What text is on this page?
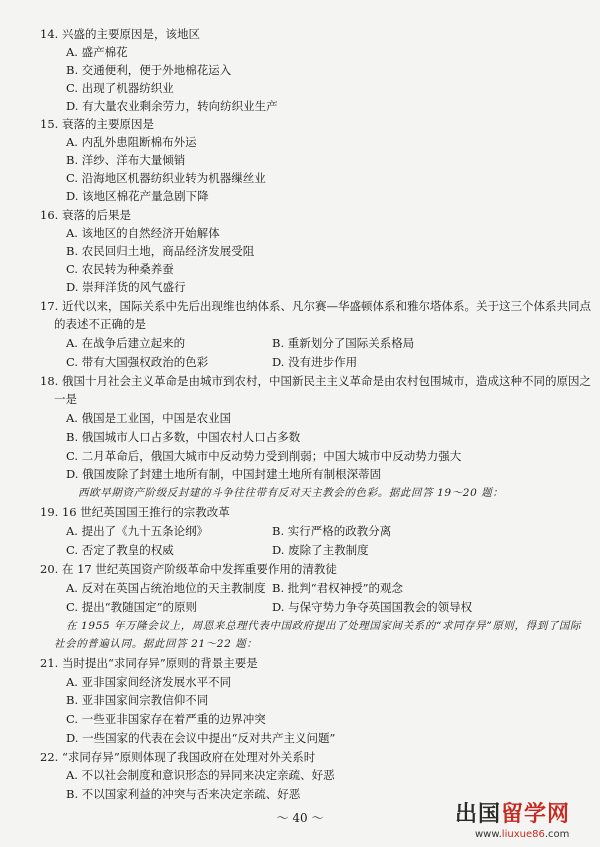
14. 兴盛的主要原因是，该地区
A. 盛产棉花
B. 交通便利，便于外地棉花运入
C. 出现了机器纺织业
D. 有大量农业剩余劳力，转向纺织业生产
15. 衰落的主要原因是
A. 内乱外患阻断棉布外运
B. 洋纱、洋布大量倾销
C. 沿海地区机器纺织业转为机器缫丝业
D. 该地区棉花产量急剧下降
16. 衰落的后果是
A. 该地区的自然经济开始解体
B. 农民回归土地，商品经济发展受阻
C. 农民转为种桑养蚕
D. 崇拜洋货的风气盛行
17. 近代以来，国际关系中先后出现维也纳体系、凡尔赛—华盛顿体系和雅尔塔体系。关于这三个体系共同点
的表述不正确的是
A. 在战争后建立起来的	B. 重新划分了国际关系格局
C. 带有大国强权政治的色彩	D. 没有进步作用
18. 俄国十月社会主义革命是由城市到农村，中国新民主主义革命是由农村包围城市，造成这种不同的原因之
一是
A. 俄国是工业国，中国是农业国
B. 俄国城市人口占多数，中国农村人口占多数
C. 二月革命后，俄国大城市中反动势力受到削弱；中国大城市中反动势力强大
D. 俄国废除了封建土地所有制，中国封建土地所有制根深蒂固
西欧早期资产阶级反封建的斗争往往带有反对天主教会的色彩。据此回答 19～20 题：
19. 16 世纪英国国王推行的宗教改革
A. 提出了《九十五条论纲》	B. 实行严格的政教分离
C. 否定了教皇的权威	D. 废除了主教制度
20. 在 17 世纪英国资产阶级革命中发挥重要作用的清教徒
A. 反对在英国占统治地位的天主教制度 B. 批判“君权神授”的观念
C. 提出“教随国定”的原则	D. 与保守势力争夺英国国教会的领导权
在 1955 年万隆会议上，周恩来总理代表中国政府提出了处理国家间关系的“求同存异”原则，得到了国际
社会的普遍认同。据此回答 21～22 题：
21. 当时提出“求同存异”原则的背景主要是
A. 亚非国家间经济发展水平不同
B. 亚非国家间宗教信仰不同
C. 一些亚非国家存在着严重的边界冲突
D. 一些国家的代表在会议中提出“反对共产主义问题”
22. “求同存异”原则体现了我国政府在处理对外关系时
A. 不以社会制度和意识形态的异同来决定亲疏、好恶
B. 不以国家利益的冲突与否来决定亲疏、好恶
～ 40 ～	出国留学网
www.liuxue86.com
